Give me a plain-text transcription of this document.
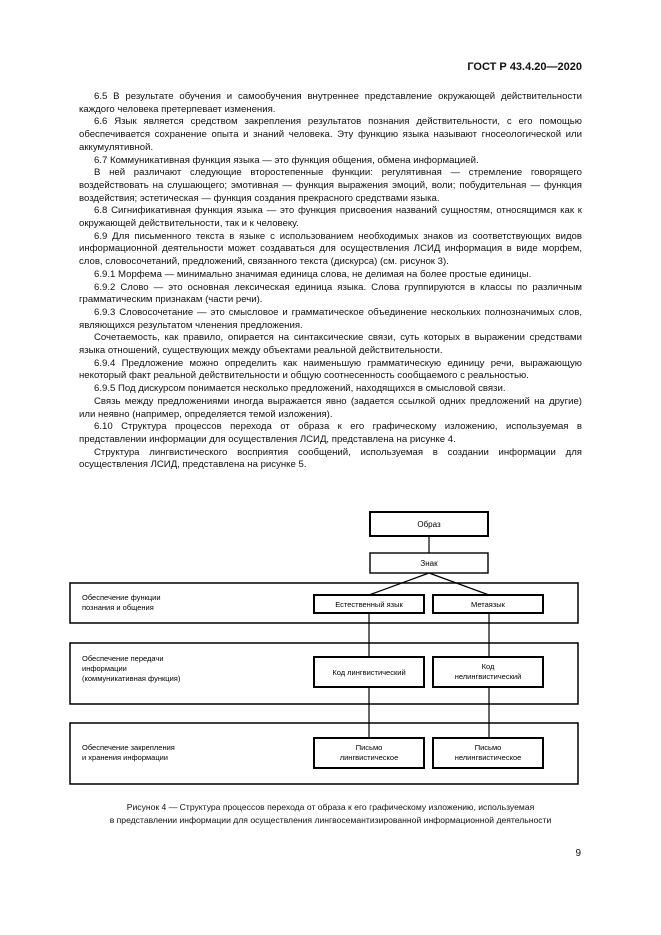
ГОСТ Р 43.4.20—2020

6.5 В результате обучения и самообучения внутреннее представление окружающей действительности каждого человека претерпевает изменения.

6.6 Язык является средством закрепления результатов познания действительности, с его помощью обеспечивается сохранение опыта и знаний человека. Эту функцию языка называют гносеологической или аккумулятивной.

6.7 Коммуникативная функция языка — это функция общения, обмена информацией.

В ней различают следующие второстепенные функции: регулятивная — стремление говорящего воздействовать на слушающего; эмотивная — функция выражения эмоций, воли; побудительная — функция воздействия; эстетическая — функция создания прекрасного средствами языка.

6.8 Сигнификативная функция языка — это функция присвоения названий сущностям, относящимся как к окружающей действительности, так и к человеку.

6.9 Для письменного текста в языке с использованием необходимых знаков из соответствующих видов информационной деятельности может создаваться для осуществления ЛСИД информация в виде морфем, слов, словосочетаний, предложений, связанного текста (дискурса) (см. рисунок 3).

6.9.1 Морфема — минимально значимая единица слова, не делимая на более простые единицы.

6.9.2 Слово — это основная лексическая единица языка. Слова группируются в классы по различным грамматическим признакам (части речи).

6.9.3 Словосочетание — это смысловое и грамматическое объединение нескольких полнозначимых слов, являющихся результатом членения предложения.

Сочетаемость, как правило, опирается на синтаксические связи, суть которых в выражении средствами языка отношений, существующих между объектами реальной действительности.

6.9.4 Предложение можно определить как наименьшую грамматическую единицу речи, выражающую некоторый факт реальной действительности и общую соотнесенность сообщаемого с реальностью.

6.9.5 Под дискурсом понимается несколько предложений, находящихся в смысловой связи.

Связь между предложениями иногда выражается явно (задается ссылкой одних предложений на другие) или неявно (например, определяется темой изложения).

6.10 Структура процессов перехода от образа к его графическому изложению, используемая в представлении информации для осуществления ЛСИД, представлена на рисунке 4.

Структура лингвистического восприятия сообщений, используемая в создании информации для осуществления ЛСИД, представлена на рисунке 5.

Образ
Знак
Обеспечение функции
познания и общения	Естественный язык	Метаязык
Обеспечение передачи
информации
(коммуникативная функция)
Код лингвистический
Код
нелингвистический
Обеспечение закрепления
и хранения информации
Письмо
лингвистическое
Письмо
нелингвистическое
Рисунок 4 — Структура процессов перехода от образа к его графическому изложению, используемая
в представлении информации для осуществления лингвосемантизированной информационной деятельности
9
